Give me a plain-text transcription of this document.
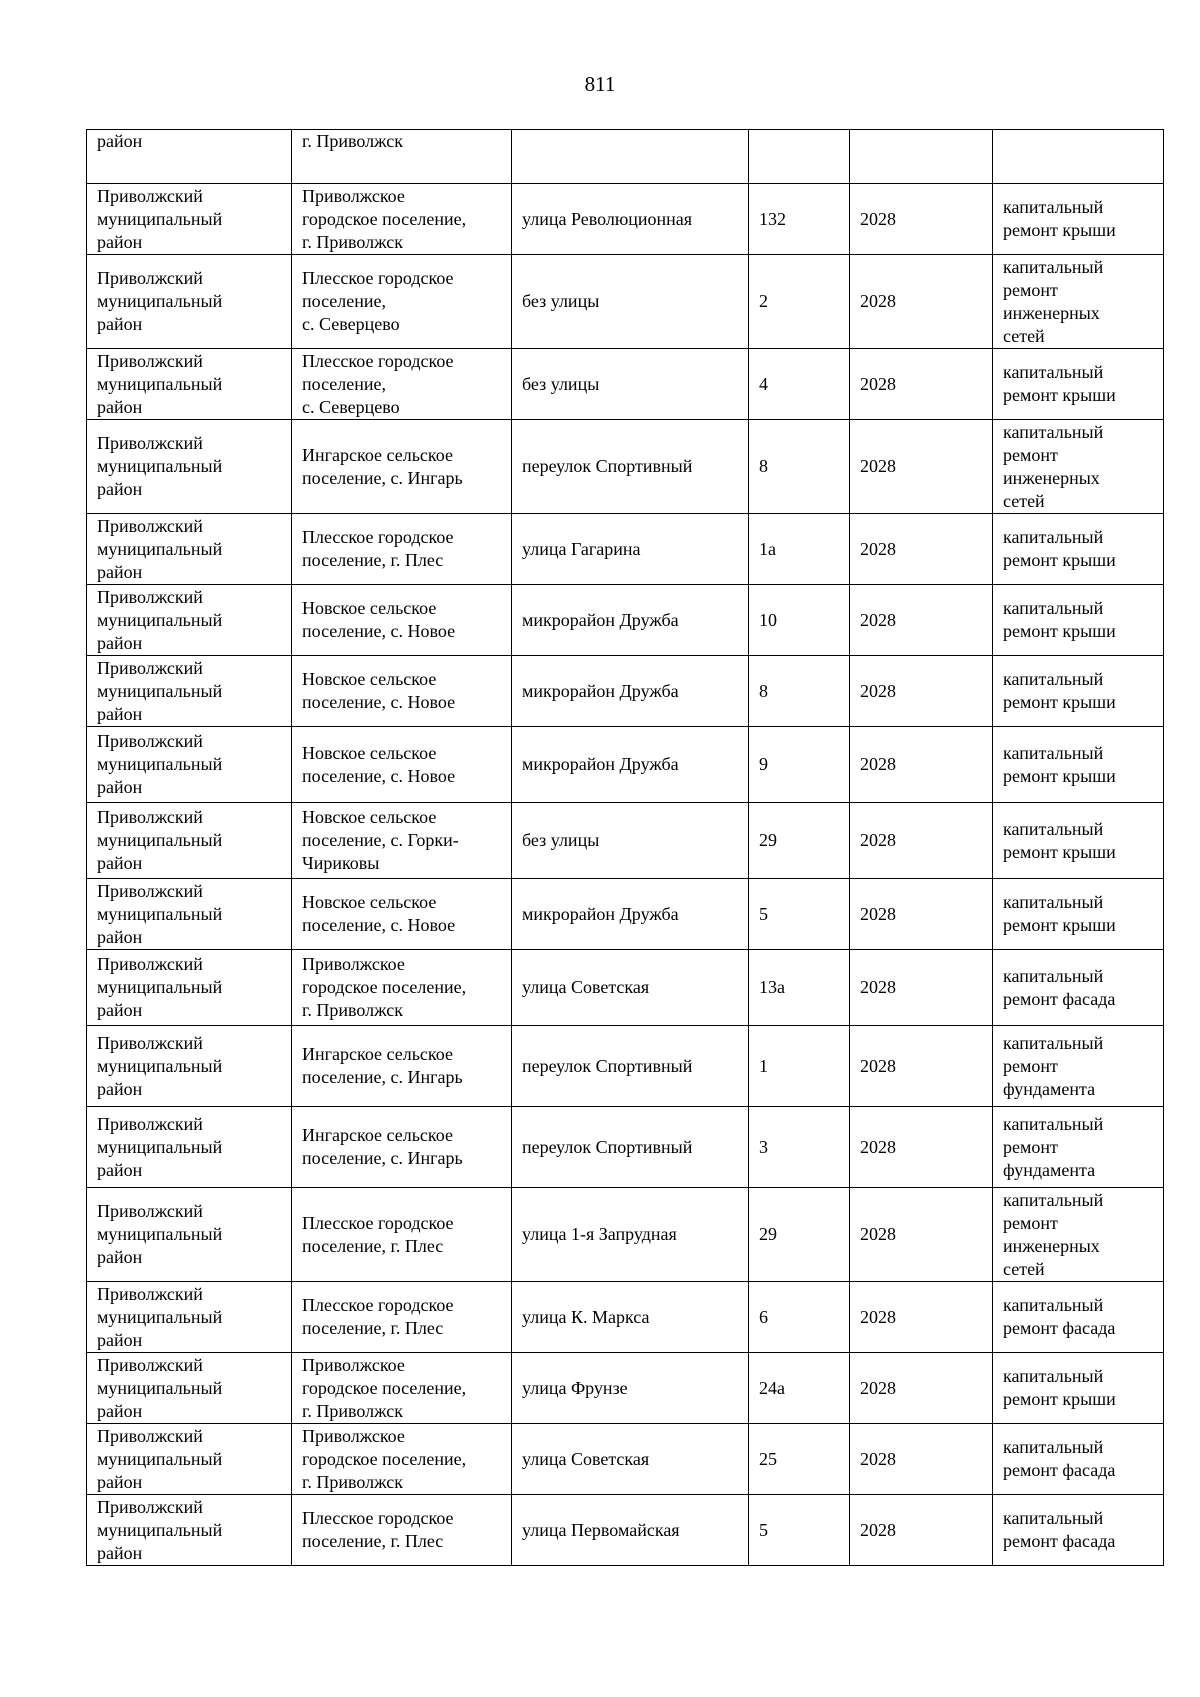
811
район	г. Приволжск				
Приволжский
муниципальный
район	Приволжское
городское поселение,
г. Приволжск	улица Революционная	132	2028	капитальный
ремонт крыши
Приволжский
муниципальный
район	Плесское городское
поселение,
с. Северцево	без улицы	2	2028	капитальный
ремонт
инженерных
сетей
Приволжский
муниципальный
район	Плесское городское
поселение,
с. Северцево	без улицы	4	2028	капитальный
ремонт крыши
Приволжский
муниципальный
район	Ингарское сельское
поселение, с. Ингарь	переулок Спортивный	8	2028	капитальный
ремонт
инженерных
сетей
Приволжский
муниципальный
район	Плесское городское
поселение, г. Плес	улица Гагарина	1а	2028	капитальный
ремонт крыши
Приволжский
муниципальный
район	Новское сельское
поселение, с. Новое	микрорайон Дружба	10	2028	капитальный
ремонт крыши
Приволжский
муниципальный
район	Новское сельское
поселение, с. Новое	микрорайон Дружба	8	2028	капитальный
ремонт крыши
Приволжский
муниципальный
район	Новское сельское
поселение, с. Новое	микрорайон Дружба	9	2028	капитальный
ремонт крыши
Приволжский
муниципальный
район	Новское сельское
поселение, с. Горки-
Чириковы	без улицы	29	2028	капитальный
ремонт крыши
Приволжский
муниципальный
район	Новское сельское
поселение, с. Новое	микрорайон Дружба	5	2028	капитальный
ремонт крыши
Приволжский
муниципальный
район	Приволжское
городское поселение,
г. Приволжск	улица Советская	13а	2028	капитальный
ремонт фасада
Приволжский
муниципальный
район	Ингарское сельское
поселение, с. Ингарь	переулок Спортивный	1	2028	капитальный
ремонт
фундамента
Приволжский
муниципальный
район	Ингарское сельское
поселение, с. Ингарь	переулок Спортивный	3	2028	капитальный
ремонт
фундамента
Приволжский
муниципальный
район	Плесское городское
поселение, г. Плес	улица 1-я Запрудная	29	2028	капитальный
ремонт
инженерных
сетей
Приволжский
муниципальный
район	Плесское городское
поселение, г. Плес	улица К. Маркса	6	2028	капитальный
ремонт фасада
Приволжский
муниципальный
район	Приволжское
городское поселение,
г. Приволжск	улица Фрунзе	24а	2028	капитальный
ремонт крыши
Приволжский
муниципальный
район	Приволжское
городское поселение,
г. Приволжск	улица Советская	25	2028	капитальный
ремонт фасада
Приволжский
муниципальный
район	Плесское городское
поселение, г. Плес	улица Первомайская	5	2028	капитальный
ремонт фасада
